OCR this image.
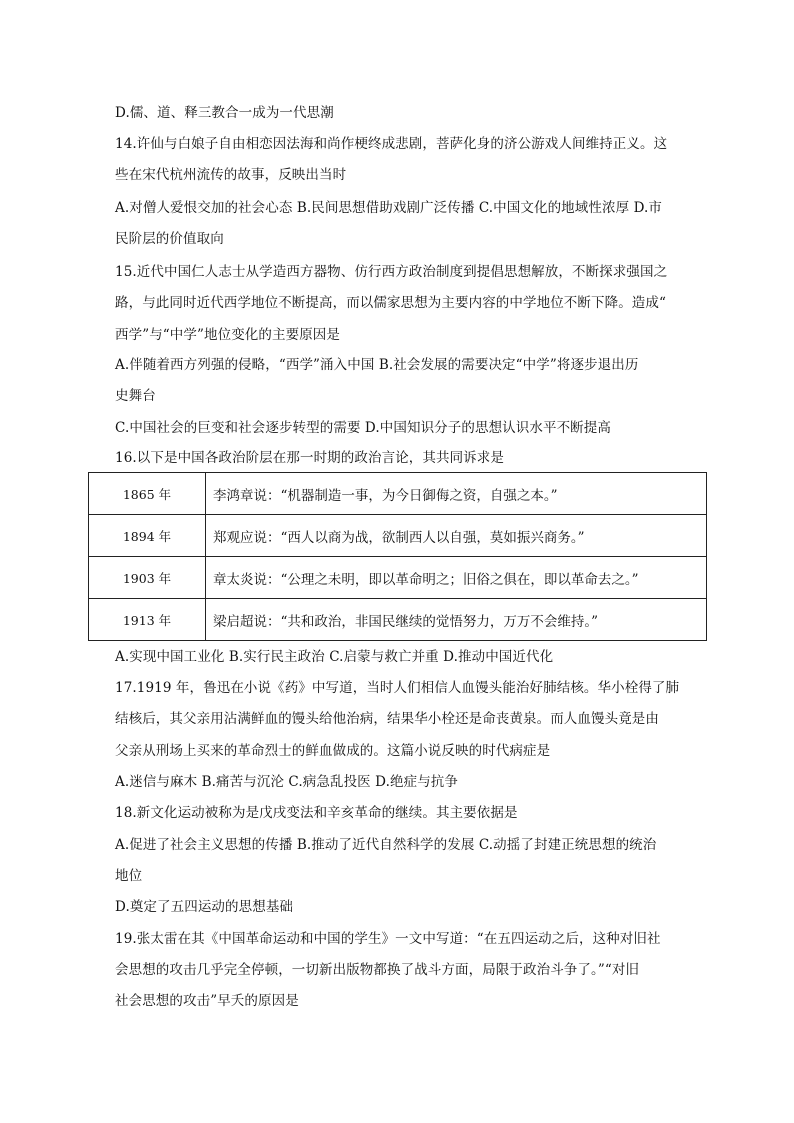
D.儒、道、释三教合一成为一代思潮
14.许仙与白娘子自由相恋因法海和尚作梗终成悲剧，菩萨化身的济公游戏人间维持正义。这
些在宋代杭州流传的故事，反映出当时
A.对僧人爱恨交加的社会心态 B.民间思想借助戏剧广泛传播 C.中国文化的地域性浓厚 D.市
民阶层的价值取向
15.近代中国仁人志士从学造西方器物、仿行西方政治制度到提倡思想解放，不断探求强国之
路，与此同时近代西学地位不断提高，而以儒家思想为主要内容的中学地位不断下降。造成“
西学”与“中学”地位变化的主要原因是
A.伴随着西方列强的侵略，“西学”涌入中国 B.社会发展的需要决定“中学”将逐步退出历
史舞台
C.中国社会的巨变和社会逐步转型的需要 D.中国知识分子的思想认识水平不断提高
16.以下是中国各政治阶层在那一时期的政治言论，其共同诉求是
1865 年	李鸿章说：“机器制造一事，为今日御侮之资，自强之本。”
1894 年	郑观应说：“西人以商为战，欲制西人以自强，莫如振兴商务。”
1903 年	章太炎说：“公理之未明，即以革命明之；旧俗之俱在，即以革命去之。”
1913 年	梁启超说：“共和政治，非国民继续的觉悟努力，万万不会维持。”
A.实现中国工业化 B.实行民主政治 C.启蒙与救亡并重 D.推动中国近代化
17.1919 年，鲁迅在小说《药》中写道，当时人们相信人血馒头能治好肺结核。华小栓得了肺
结核后，其父亲用沾满鲜血的馒头给他治病，结果华小栓还是命丧黄泉。而人血馒头竟是由
父亲从刑场上买来的革命烈士的鲜血做成的。这篇小说反映的时代病症是
A.迷信与麻木 B.痛苦与沉沦 C.病急乱投医 D.绝症与抗争
18.新文化运动被称为是戊戌变法和辛亥革命的继续。其主要依据是
A.促进了社会主义思想的传播 B.推动了近代自然科学的发展 C.动摇了封建正统思想的统治
地位
D.奠定了五四运动的思想基础
19.张太雷在其《中国革命运动和中国的学生》一文中写道：“在五四运动之后，这种对旧社
会思想的攻击几乎完全停顿，一切新出版物都换了战斗方面，局限于政治斗争了。”“对旧
社会思想的攻击”早夭的原因是
